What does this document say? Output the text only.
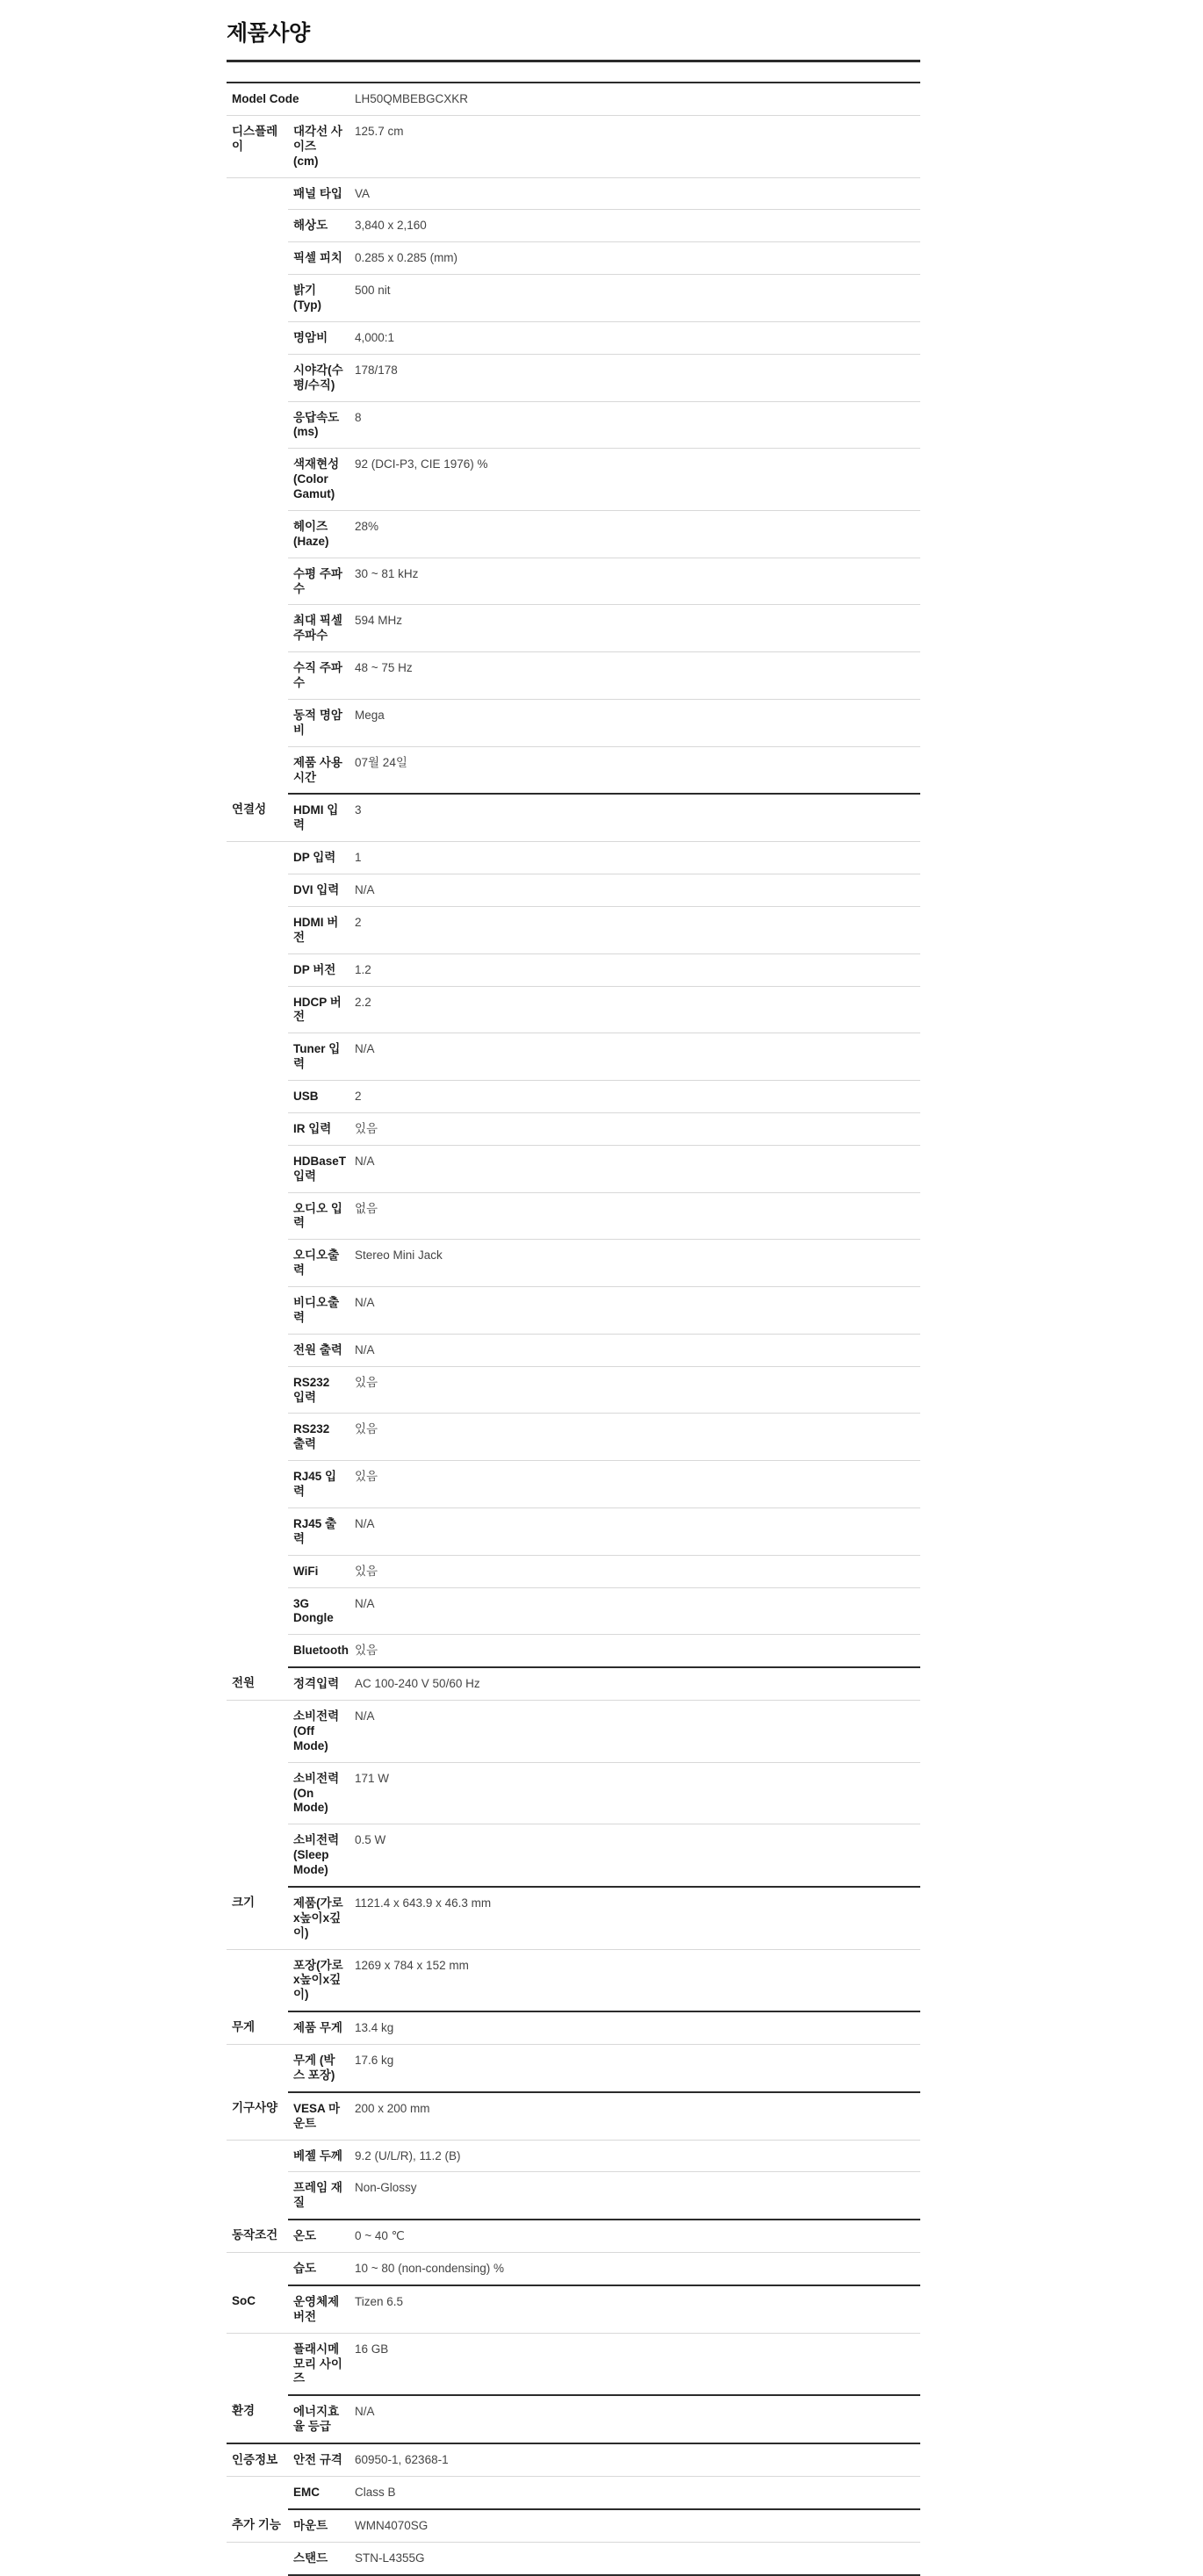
제품사양
Model Code		LH50QMBEBGCXKR
디스플레이	대각선 사이즈 (cm)	125.7 cm
	패널 타입	VA
	해상도	3,840 x 2,160
	픽셀 피치	0.285 x 0.285 (mm)
	밝기 (Typ)	500 nit
	명암비	4,000:1
	시야각(수평/수직)	178/178
	응답속도 (ms)	8
	색재현성(Color Gamut)	92 (DCI-P3, CIE 1976) %
	헤이즈(Haze)	28%
	수평 주파수	30 ~ 81 kHz
	최대 픽셀 주파수	594 MHz
	수직 주파수	48 ~ 75 Hz
	동적 명암비	Mega
	제품 사용 시간	07월 24일
연결성	HDMI 입력	3
	DP 입력	1
	DVI 입력	N/A
	HDMI 버전	2
	DP 버전	1.2
	HDCP 버전	2.2
	Tuner 입력	N/A
	USB	2
	IR 입력	있음
	HDBaseT 입력	N/A
	오디오 입력	없음
	오디오출력	Stereo Mini Jack
	비디오출력	N/A
	전원 출력	N/A
	RS232 입력	있음
	RS232 출력	있음
	RJ45 입력	있음
	RJ45 출력	N/A
	WiFi	있음
	3G Dongle	N/A
	Bluetooth	있음
전원	정격입력	AC 100-240 V 50/60 Hz
	소비전력 (Off Mode)	N/A
	소비전력 (On Mode)	171 W
	소비전력 (Sleep Mode)	0.5 W
크기	제품(가로x높이x깊이)	1121.4 x 643.9 x 46.3 mm
	포장(가로x높이x깊이)	1269 x 784 x 152 mm
무게	제품 무게	13.4 kg
	무게 (박스 포장)	17.6 kg
기구사양	VESA 마운트	200 x 200 mm
	베젤 두께	9.2 (U/L/R), 11.2 (B)
	프레임 재질	Non-Glossy
동작조건	온도	0 ~ 40 ℃
	습도	10 ~ 80 (non-condensing) %
SoC	운영체제 버전	Tizen 6.5
	플래시메모리 사이즈	16 GB
환경	에너지효율 등급	N/A
인증정보	안전 규격	60950-1, 62368-1
	EMC	Class B
추가 기능	마운트	WMN4070SG
	스탠드	STN-L4355G
